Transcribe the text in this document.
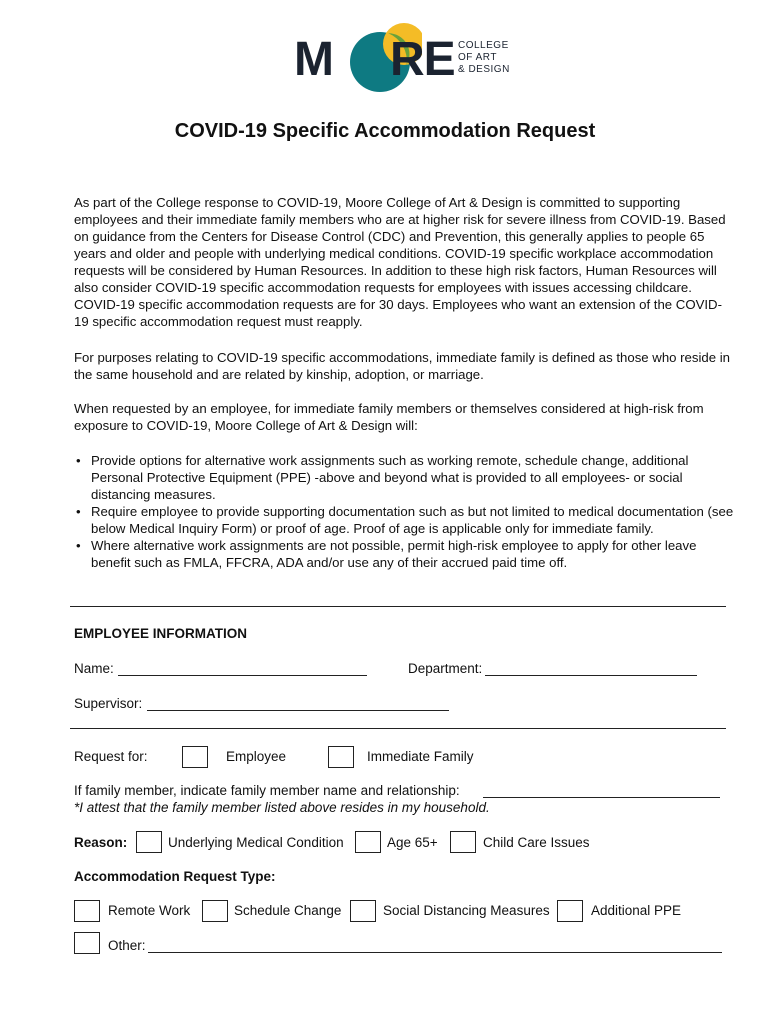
M RE COLLEGE
OF ART
& DESIGN
COVID-19 Specific Accommodation Request
As part of the College response to COVID-19, Moore College of Art & Design is committed to supporting employees and their immediate family members who are at higher risk for severe illness from COVID-19. Based on guidance from the Centers for Disease Control (CDC) and Prevention, this generally applies to people 65 years and older and people with underlying medical conditions. COVID-19 specific workplace accommodation requests will be considered by Human Resources. In addition to these high risk factors, Human Resources will also consider COVID-19 specific accommodation requests for employees with issues accessing childcare. COVID-19 specific accommodation requests are for 30 days. Employees who want an extension of the COVID-19 specific accommodation request must reapply.
For purposes relating to COVID-19 specific accommodations, immediate family is defined as those who reside in the same household and are related by kinship, adoption, or marriage.
When requested by an employee, for immediate family members or themselves considered at high-risk from exposure to COVID-19, Moore College of Art & Design will:
• Provide options for alternative work assignments such as working remote, schedule change, additional Personal Protective Equipment (PPE) -above and beyond what is provided to all employees- or social distancing measures.
• Require employee to provide supporting documentation such as but not limited to medical documentation (see below Medical Inquiry Form) or proof of age. Proof of age is applicable only for immediate family.
• Where alternative work assignments are not possible, permit high-risk employee to apply for other leave benefit such as FMLA, FFCRA, ADA and/or use any of their accrued paid time off.
EMPLOYEE INFORMATION
Name:	Department:
Supervisor:
Request for:	Employee	Immediate Family
If family member, indicate family member name and relationship:
*I attest that the family member listed above resides in my household.
Reason:	Underlying Medical Condition	Age 65+	Child Care Issues
Accommodation Request Type:
Remote Work	Schedule Change	Social Distancing Measures	Additional PPE
Other:
